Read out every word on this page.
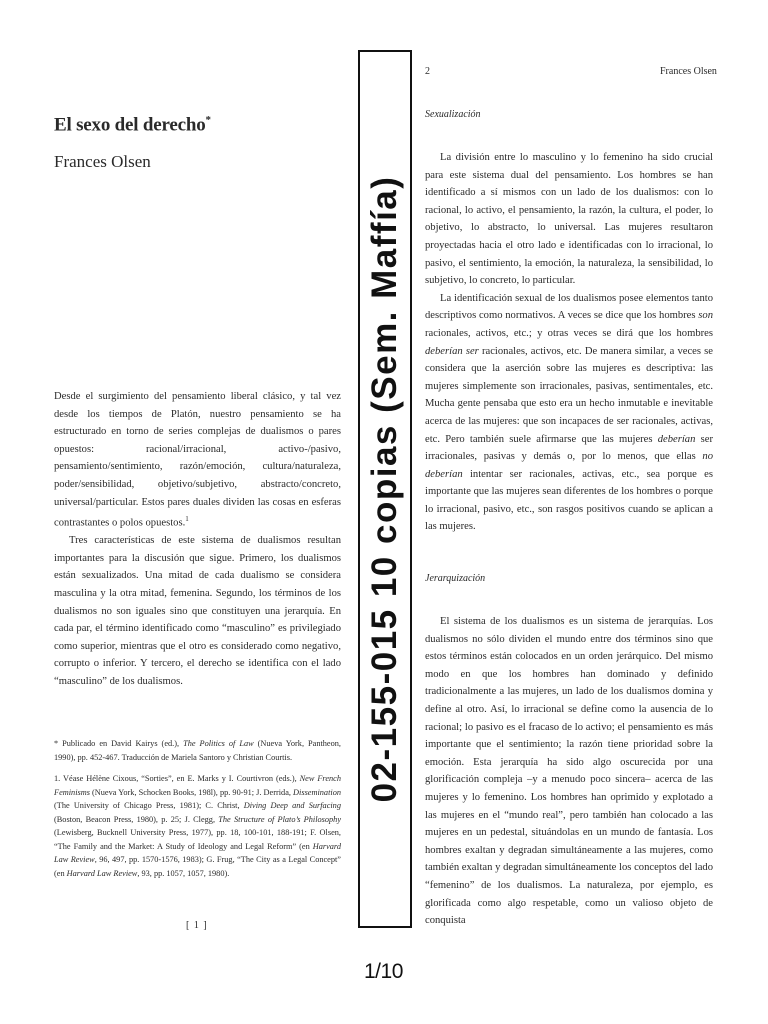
El sexo del derecho*
Frances Olsen

Desde el surgimiento del pensamiento liberal clásico, y tal vez desde los tiempos de Platón, nuestro pensamiento se ha estructurado en torno de series complejas de dualismos o pares opuestos: racional/irracional, activo-/pasivo, pensamiento/sentimiento, razón/emoción, cultura/naturaleza, poder/sensibilidad, objetivo/subjetivo, abstracto/concreto, universal/particular. Estos pares duales dividen las cosas en esferas contrastantes o polos opuestos.$^1$

Tres características de este sistema de dualismos resultan importantes para la discusión que sigue. Primero, los dualismos están sexualizados. Una mitad de cada dualismo se considera masculina y la otra mitad, femenina. Segundo, los términos de los dualismos no son iguales sino que constituyen una jerarquía. En cada par, el término identificado como “masculino” es privilegiado como superior, mientras que el otro es considerado como negativo, corrupto o inferior. Y tercero, el derecho se identifica con el lado “masculino” de los dualismos.

* Publicado en David Kairys (ed.), The Politics of Law (Nueva York, Pantheon, 1990), pp. 452-467. Traducción de Mariela Santoro y Christian Courtis.

1. Véase Hélène Cixous, “Sorties”, en E. Marks y I. Courtivron (eds.), New French Feminisms (Nueva York, Schocken Books, 198l), pp. 90-91; J. Derrida, Dissemination (The University of Chicago Press, 1981); C. Christ, Diving Deep and Surfacing (Boston, Beacon Press, 1980), p. 25; J. Clegg, The Structure of Plato’s Philosophy (Lewisberg, Bucknell University Press, 1977), pp. 18, 100-101, 188-191; F. Olsen, “The Family and the Market: A Study of Ideology and Legal Reform” (en Harvard Law Review, 96, 497, pp. 1570-1576, 1983); G. Frug, “The City as a Legal Concept” (en Harvard Law Review, 93, pp. 1057, 1057, 1980).

[ 1 ]
02-155-015 10 copias (Sem. Maffía)
1/10
2	Frances Olsen
Sexualización

La división entre lo masculino y lo femenino ha sido crucial para este sistema dual del pensamiento. Los hombres se han identificado a sí mismos con un lado de los dualismos: con lo racional, lo activo, el pensamiento, la razón, la cultura, el poder, lo objetivo, lo abstracto, lo universal. Las mujeres resultaron proyectadas hacia el otro lado e identificadas con lo irracional, lo pasivo, el sentimiento, la emoción, la naturaleza, la sensibilidad, lo subjetivo, lo concreto, lo particular.

La identificación sexual de los dualismos posee elementos tanto descriptivos como normativos. A veces se dice que los hombres son racionales, activos, etc.; y otras veces se dirá que los hombres deberían ser racionales, activos, etc. De manera similar, a veces se considera que la aserción sobre las mujeres es descriptiva: las mujeres simplemente son irracionales, pasivas, sentimentales, etc. Mucha gente pensaba que esto era un hecho inmutable e inevitable acerca de las mujeres: que son incapaces de ser racionales, activas, etc. Pero también suele afirmarse que las mujeres deberían ser irracionales, pasivas y demás o, por lo menos, que ellas no deberían intentar ser racionales, activas, etc., sea porque es importante que las mujeres sean diferentes de los hombres o porque lo irracional, pasivo, etc., son rasgos positivos cuando se aplican a las mujeres.

Jerarquización

El sistema de los dualismos es un sistema de jerarquías. Los dualismos no sólo dividen el mundo entre dos términos sino que estos términos están colocados en un orden jerárquico. Del mismo modo en que los hombres han dominado y definido tradicionalmente a las mujeres, un lado de los dualismos domina y define al otro. Así, lo irracional se define como la ausencia de lo racional; lo pasivo es el fracaso de lo activo; el pensamiento es más importante que el sentimiento; la razón tiene prioridad sobre la emoción. Esta jerarquía ha sido algo oscurecida por una glorificación compleja –y a menudo poco sincera– acerca de las mujeres y lo femenino. Los hombres han oprimido y explotado a las mujeres en el “mundo real”, pero también han colocado a las mujeres en un pedestal, situándolas en un mundo de fantasía. Los hombres exaltan y degradan simultáneamente a las mujeres, como también exaltan y degradan simultáneamente los conceptos del lado “femenino” de los dualismos. La naturaleza, por ejemplo, es glorificada como algo respetable, como un valioso objeto de conquista
